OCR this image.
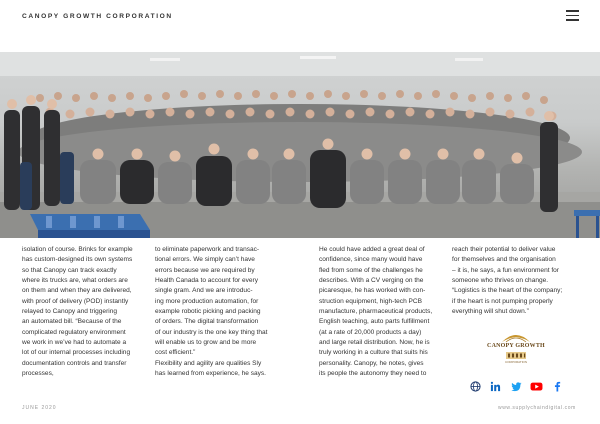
CANOPY GROWTH CORPORATION

isolation of course. Brinks for example

has custom-designed its own systems

so that Canopy can track exactly

where its trucks are, what orders are

on them and when they are delivered,

with proof of delivery (POD) instantly

relayed to Canopy and triggering

an automated bill. “Because of the

complicated regulatory environment

we work in we’ve had to automate a

lot of our internal processes including

documentation controls and transfer

processes,

to eliminate paperwork and transac-

tional errors. We simply can’t have

errors because we are required by

Health Canada to account for every

single gram. And we are introduc-

ing more production automation, for

example robotic picking and packing

of orders. The digital transformation

of our industry is the one key thing that

will enable us to grow and be more

cost efficient.”

Flexibility and agility are qualities Sly

has learned from experience, he says.

He could have added a great deal of

confidence, since many would have

fled from some of the challenges he

describes. With a CV verging on the

picaresque, he has worked with con-

struction equipment, high-tech PCB

manufacture, pharmaceutical products,

English teaching, auto parts fulfillment

(at a rate of 20,000 products a day)

and large retail distribution. Now, he is

truly working in a culture that suits his

personality. Canopy, he notes, gives

its people the autonomy they need to

reach their potential to deliver value

for themselves and the organisation

– it is, he says, a fun environment for

someone who thrives on change.

“Logistics is the heart of the company;

if the heart is not pumping properly

everything will shut down.”

CANOPY GROWTH
CORPORATION
JUNE 2020	www.supplychaindigital.com
